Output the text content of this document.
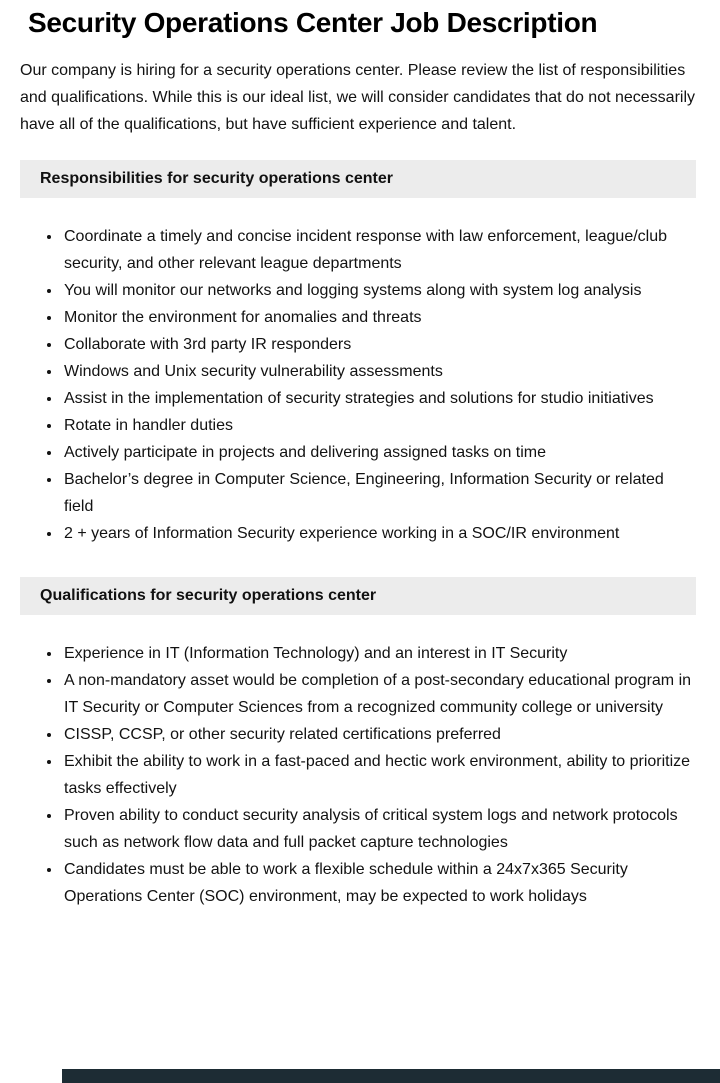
Security Operations Center Job Description

Our company is hiring for a security operations center. Please review the list of responsibilities and qualifications. While this is our ideal list, we will consider candidates that do not necessarily have all of the qualifications, but have sufficient experience and talent.

Responsibilities for security operations center
• Coordinate a timely and concise incident response with law enforcement, league/club security, and other relevant league departments
• You will monitor our networks and logging systems along with system log analysis
• Monitor the environment for anomalies and threats
• Collaborate with 3rd party IR responders
• Windows and Unix security vulnerability assessments
• Assist in the implementation of security strategies and solutions for studio initiatives
• Rotate in handler duties
• Actively participate in projects and delivering assigned tasks on time
• Bachelor’s degree in Computer Science, Engineering, Information Security or related field
• 2 + years of Information Security experience working in a SOC/IR environment
Qualifications for security operations center
• Experience in IT (Information Technology) and an interest in IT Security
• A non-mandatory asset would be completion of a post-secondary educational program in IT Security or Computer Sciences from a recognized community college or university
• CISSP, CCSP, or other security related certifications preferred
• Exhibit the ability to work in a fast-paced and hectic work environment, ability to prioritize tasks effectively
• Proven ability to conduct security analysis of critical system logs and network protocols such as network flow data and full packet capture technologies
• Candidates must be able to work a flexible schedule within a 24x7x365 Security Operations Center (SOC) environment, may be expected to work holidays
